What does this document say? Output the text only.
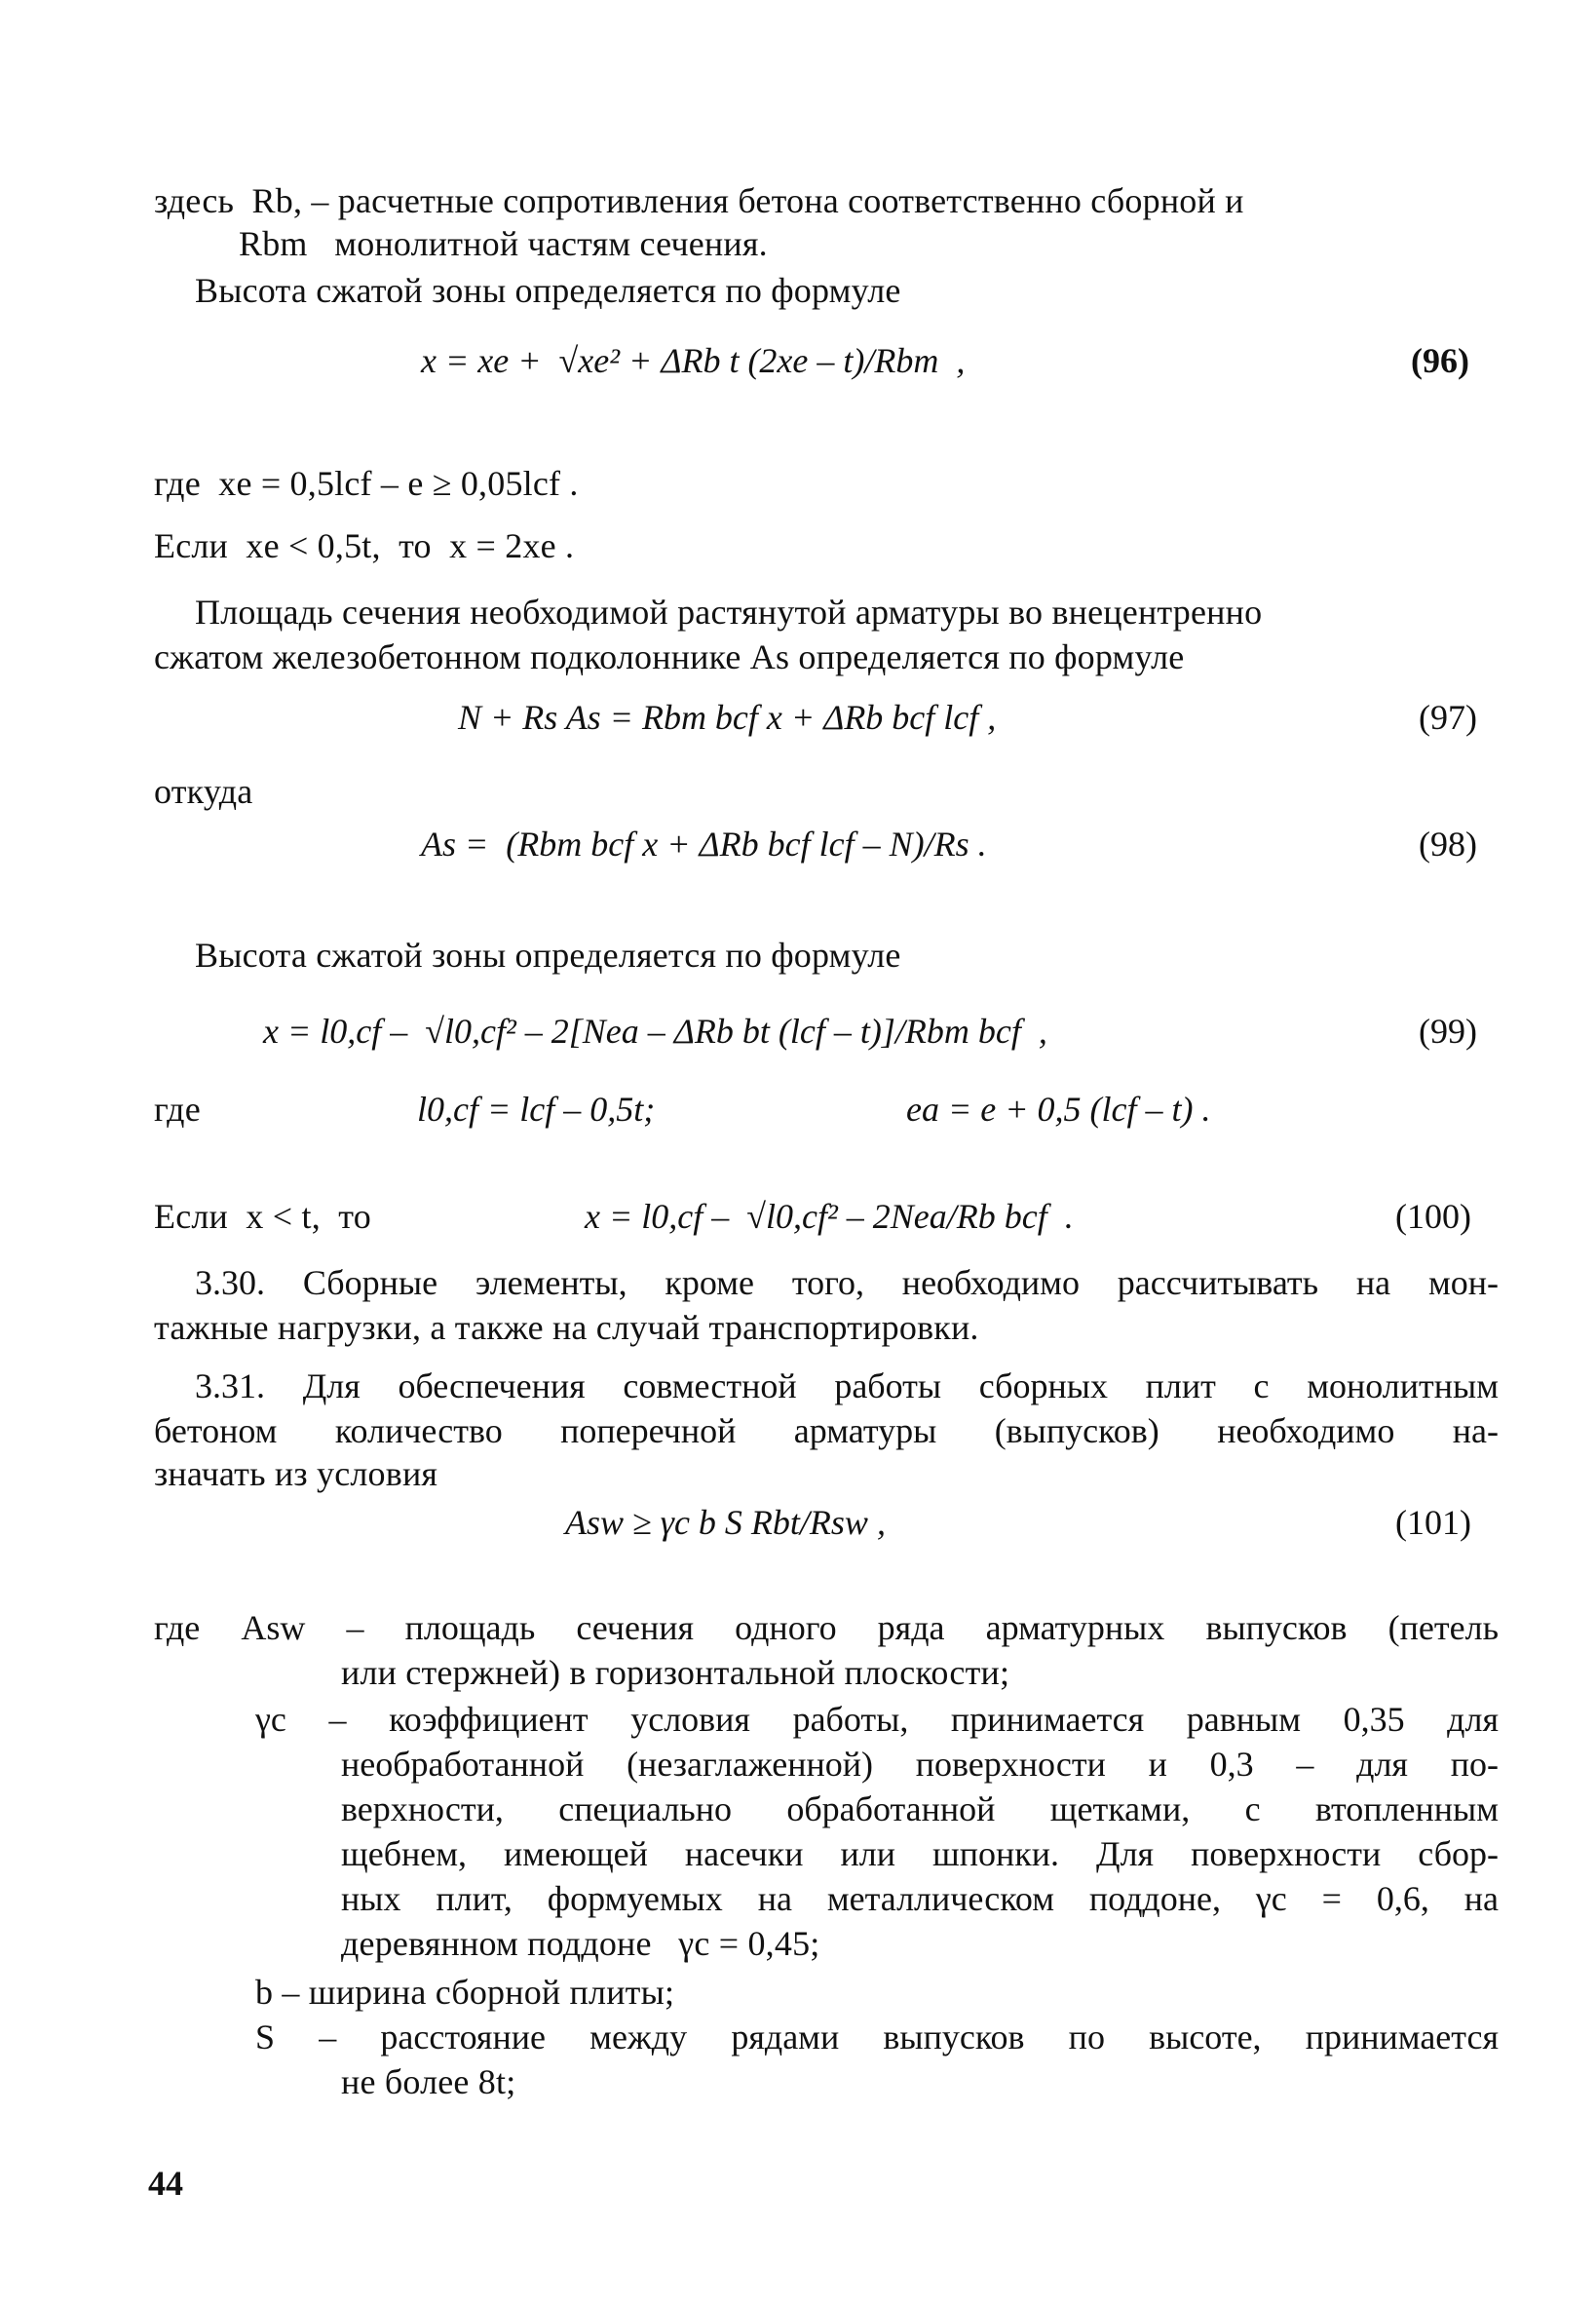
здесь  Rb, – расчетные сопротивления бетона соответственно сборной и
Rbm   монолитной частям сечения.
Высота сжатой зоны определяется по формуле
x = xe +  √xe² + ΔRb t (2xe – t)/Rbm  ,	(96)
где  xe = 0,5lcf – e ≥ 0,05lcf .
Если  xe < 0,5t,  то  x = 2xe .
Площадь сечения необходимой растянутой арматуры во внецентренно
сжатом железобетонном подколоннике As определяется по формуле
N + Rs As = Rbm bcf x + ΔRb bcf lcf ,	(97)
откуда
As =  (Rbm bcf x + ΔRb bcf lcf – N)/Rs .	(98)
Высота сжатой зоны определяется по формуле
x = l0,cf –  √l0,cf² – 2[Nea – ΔRb bt (lcf – t)]/Rbm bcf  ,	(99)
где	l0,cf = lcf – 0,5t;	ea = e + 0,5 (lcf – t) .
Если  x < t,  то	x = l0,cf –  √l0,cf² – 2Nea/Rb bcf  .	(100)
3.30. Сборные элементы, кроме того, необходимо рассчитывать на мон-
тажные нагрузки, а также на случай транспортировки.
3.31. Для обеспечения совместной работы сборных плит с монолитным
бетоном количество поперечной арматуры (выпусков) необходимо на-
значать из условия
Asw ≥ γc b S Rbt/Rsw ,	(101)
где Asw – площадь сечения одного ряда арматурных выпусков (петель
или стержней) в горизонтальной плоскости;
γc – коэффициент условия работы, принимается равным 0,35 для
необработанной (незаглаженной) поверхности и 0,3 – для по-
верхности, специально обработанной щетками, с втопленным
щебнем, имеющей насечки или шпонки. Для поверхности сбор-
ных плит, формуемых на металлическом поддоне, γc = 0,6, на
деревянном поддоне   γc = 0,45;
b – ширина сборной плиты;
S – расстояние между рядами выпусков по высоте, принимается
не более 8t;
44
